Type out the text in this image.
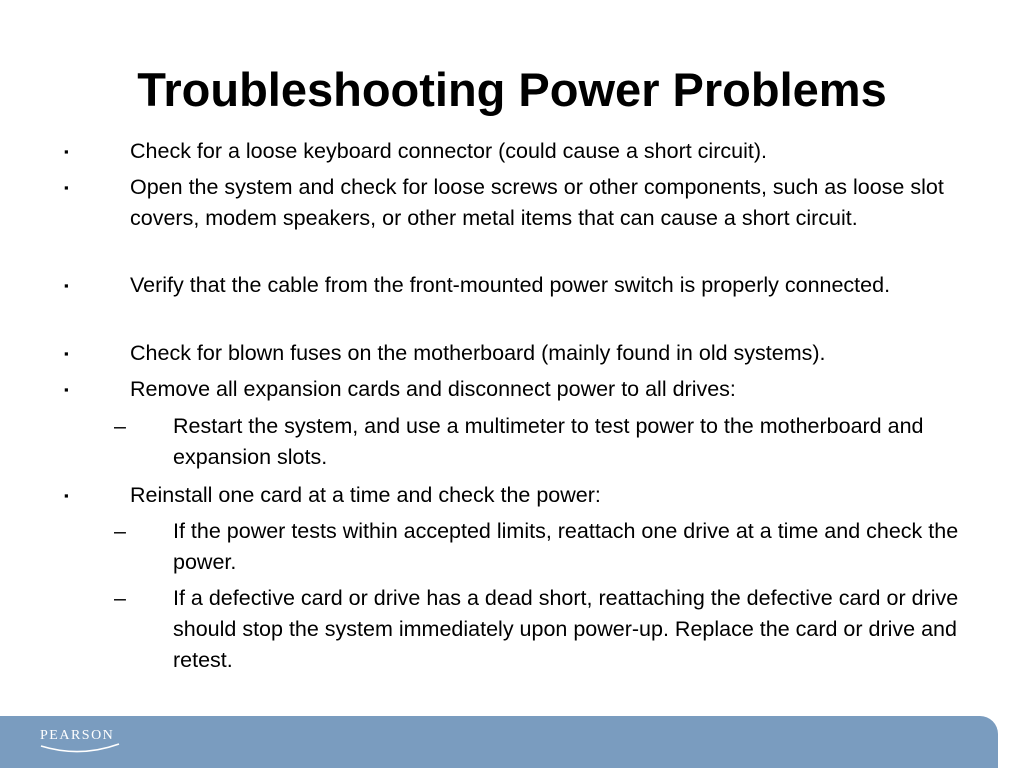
Troubleshooting Power Problems
▪	Check for a loose keyboard connector (could cause a short circuit).
▪	Open the system and check for loose screws or other components, such as loose slot covers, modem speakers, or other metal items that can cause a short circuit.
▪	Verify that the cable from the front-mounted power switch is properly connected.
▪	Check for blown fuses on the motherboard (mainly found in old systems).
▪	Remove all expansion cards and disconnect power to all drives:
– Restart the system, and use a multimeter to test power to the motherboard and expansion slots.
▪	Reinstall one card at a time and check the power:
– If the power tests within accepted limits, reattach one drive at a time and check the power.
– If a defective card or drive has a dead short, reattaching the defective card or drive should stop the system immediately upon power-up. Replace the card or drive and retest.
PEARSON
